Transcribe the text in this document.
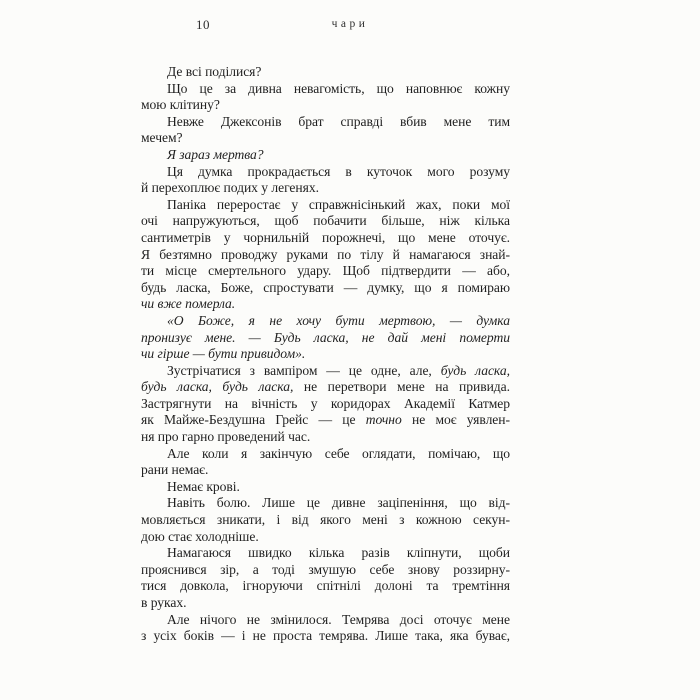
10	чари
Де всі поділися?
Що це за дивна невагомість, що наповнює кожну
мою клітину?
Невже Джексонів брат справді вбив мене тим
мечем?
Я зараз мертва?
Ця думка прокрадається в куточок мого розуму
й перехоплює подих у легенях.
Паніка переростає у справжнісінький жах, поки мої
очі напружуються, щоб побачити більше, ніж кілька
сантиметрів у чорнильній порожнечі, що мене оточує.
Я безтямно проводжу руками по тілу й намагаюся знай-
ти місце смертельного удару. Щоб підтвердити — або,
будь ласка, Боже, спростувати — думку, що я помираю
чи вже померла.
«О Боже, я не хочу бути мертвою, — думка
пронизує мене. — Будь ласка, не дай мені померти
чи гірше — бути привидом».
Зустрічатися з вампіром — це одне, але, будь ласка,
будь ласка, будь ласка, не перетвори мене на привида.
Застрягнути на вічність у коридорах Академії Катмер
як Майже-Бездушна Грейс — це точно не моє уявлен-
ня про гарно проведений час.
Але коли я закінчую себе оглядати, помічаю, що
рани немає.
Немає крові.
Навіть болю. Лише це дивне заціпеніння, що від-
мовляється зникати, і від якого мені з кожною секун-
дою стає холодніше.
Намагаюся швидко кілька разів кліпнути, щоби
прояснився зір, а тоді змушую себе знову роззирну-
тися довкола, ігноруючи спітнілі долоні та тремтіння
в руках.
Але нічого не змінилося. Темрява досі оточує мене
з усіх боків — і не проста темрява. Лише така, яка буває,
